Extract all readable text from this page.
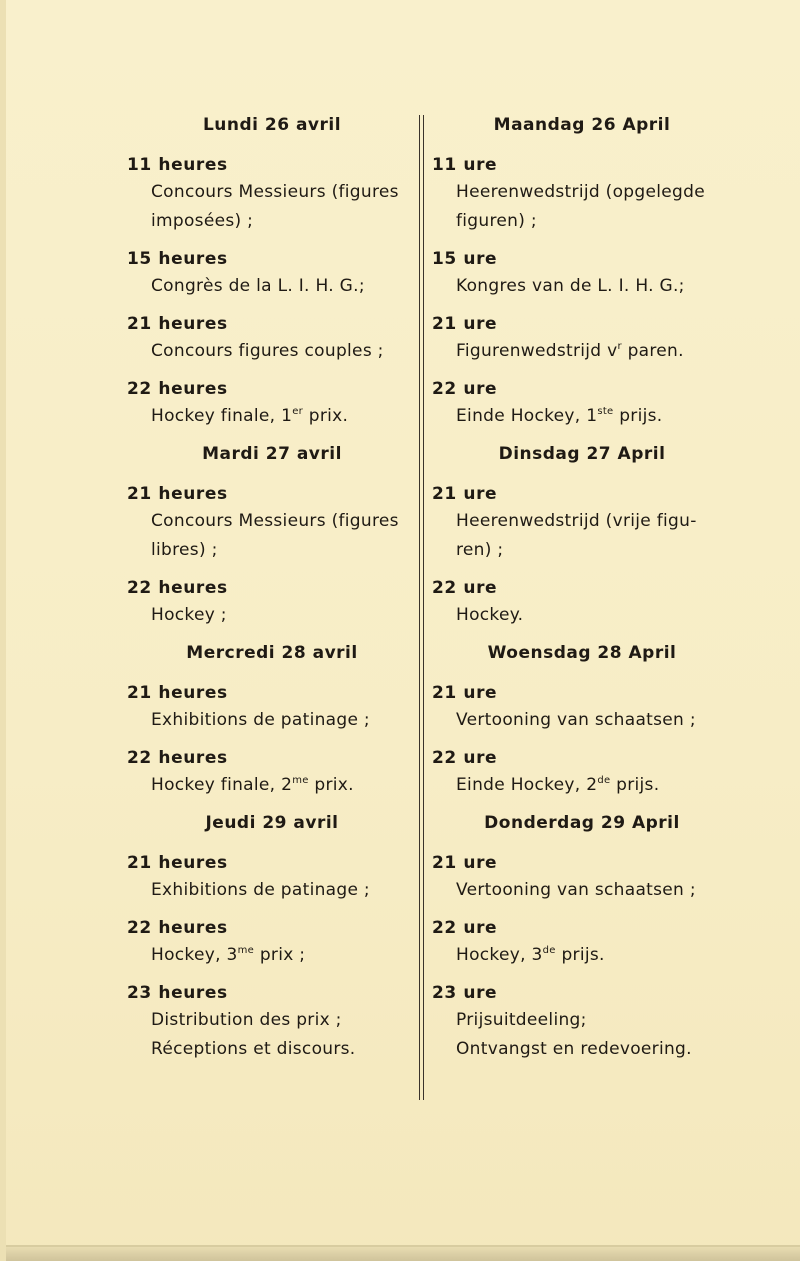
Lundi 26 avril
11 heures
Concours Messieurs (figures
imposées) ;
15 heures
Congrès de la L. I. H. G.;
21 heures
Concours figures couples ;
22 heures
Hockey finale, 1er prix.
Mardi 27 avril
21 heures
Concours Messieurs (figures
libres) ;
22 heures
Hockey ;
Mercredi 28 avril
21 heures
Exhibitions de patinage ;
22 heures
Hockey finale, $2^{me}$ prix.
Jeudi 29 avril
21 heures
Exhibitions de patinage ;
22 heures
Hockey, $3^{me}$ prix ;
23 heures
Distribution des prix ;
Réceptions et discours.
Maandag 26 April
11 ure
Heerenwedstrijd (opgelegde
figuren) ;
15 ure
Kongres van de L. I. H. G.;
21 ure
Figurenwedstrijd $v^r$ paren.
22 ure
Einde Hockey, 1ste prijs.
Dinsdag 27 April
21 ure
Heerenwedstrijd (vrije figu-
ren) ;
22 ure
Hockey.
Woensdag 28 April
21 ure
Vertooning van schaatsen ;
22 ure
Einde Hockey, 2de prijs.
Donderdag 29 April
21 ure
Vertooning van schaatsen ;
22 ure
Hockey, 3de prijs.
23 ure
Prijsuitdeeling;
Ontvangst en redevoering.
